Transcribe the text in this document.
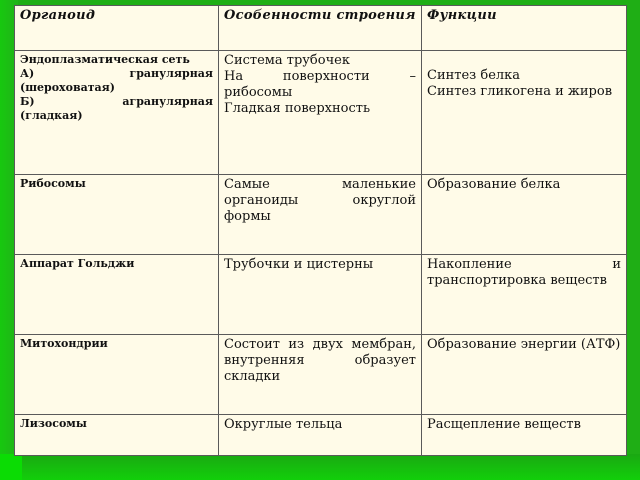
Органоид	Особенности строения	Функции

Эндоплазматическая сеть
А) гранулярная
(шероховатая)
Б) агранулярная
(гладкая)	Система трубочек
На поверхности – рибосомы
Гладкая поверхность	Синтез белка
Синтез гликогена и жиров

Рибосомы	Самые маленькие органоиды округлой формы	Образование белка
Аппарат Гольджи	Трубочки и цистерны	Накопление и транспортировка веществ
Митохондрии	Состоит из двух мембран, внутренняя образует складки	Образование энергии (АТФ)
Лизосомы	Округлые тельца	Расщепление веществ
